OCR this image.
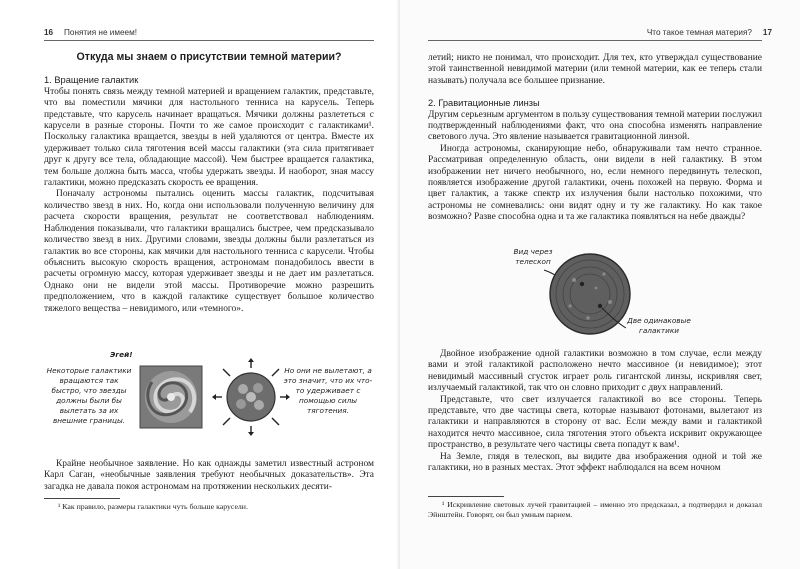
16 Понятия не имеем!
Откуда мы знаем о присутствии темной материи?

1. Вращение галактик

Чтобы понять связь между темной материей и вращением галактик, представьте, что вы поместили мячики для настольного тенниса на карусель. Теперь представьте, что карусель начинает вращаться. Мячики должны разлететься с карусели в разные стороны. Почти то же самое происходит с галактиками¹. Поскольку галактика вращается, звезды в ней удаляются от центра. Вместе их удерживает только сила тяготения всей массы галактики (эта сила притягивает друг к другу все тела, обладающие массой). Чем быстрее вращается галактика, тем больше должна быть масса, чтобы удержать звезды. И наоборот, зная массу галактики, можно предсказать скорость ее вращения.

Поначалу астрономы пытались оценить массы галактик, подсчитывая количество звезд в них. Но, когда они использовали полученную величину для расчета скорости вращения, результат не соответствовал наблюдениям. Наблюдения показывали, что галактики вращались быстрее, чем предсказывало количество звезд в них. Другими словами, звезды должны были разлетаться из галактик во все стороны, как мячики для настольного тенниса с карусели. Чтобы объяснить высокую скорость вращения, астрономам понадобилось ввести в расчеты огромную массу, которая удерживает звезды и не дает им разлетаться. Однако они не видели этой массы. Противоречие можно разрешить предположением, что в каждой галактике существует большое количество тяжелого вещества – невидимого, или «темного».

Эгей!
Некоторые галактики вращаются так быстро, что звезды должны были бы вылетать за их внешние границы.
Но они не вылетают, а это значит, что их что-то удерживает с помощью силы тяготения.

Крайне необычное заявление. Но как однажды заметил известный астроном Карл Саган, «необычные заявления требуют необычных доказательств». Эта загадка не давала покоя астрономам на протяжении нескольких десяти-

¹ Как правило, размеры галактики чуть больше карусели.
Что такое темная материя? 17

летий; никто не понимал, что происходит. Для тех, кто утверждал существование этой таинственной невидимой материи (или темной материи, как ее теперь стали называть) получала все большее признание.

2. Гравитационные линзы

Другим серьезным аргументом в пользу существования темной материи послужил подтвержденный наблюдениями факт, что она способна изменять направление светового луча. Это явление называется гравитационной линзой.

Иногда астрономы, сканирующие небо, обнаруживали там нечто странное. Рассматривая определенную область, они видели в ней галактику. В этом изображении нет ничего необычного, но, если немного передвинуть телескоп, появляется изображение другой галактики, очень похожей на первую. Форма и цвет галактик, а также спектр их излучения были настолько похожими, что астрономы не сомневались: они видят одну и ту же галактику. Но как такое возможно? Разве способна одна и та же галактика появляться на небе дважды?

Вид через телескоп
Две одинаковые галактики

Двойное изображение одной галактики возможно в том случае, если между вами и этой галактикой расположено нечто массивное (и невидимое); этот невидимый массивный сгусток играет роль гигантской линзы, искривляя свет, излучаемый галактикой, так что он словно приходит с двух направлений.

Представьте, что свет излучается галактикой во все стороны. Теперь представьте, что две частицы света, которые называют фотонами, вылетают из галактики и направляются в сторону от вас. Если между вами и галактикой находится нечто массивное, сила тяготения этого объекта искривит окружающее пространство, в результате чего частицы света попадут к вам¹.

На Земле, глядя в телескоп, вы видите два изображения одной и той же галактики, но в разных местах. Этот эффект наблюдался на всем ночном

¹ Искривление световых лучей гравитацией – именно это предсказал, а подтвердил и доказал Эйнштейн. Говорят, он был умным парнем.
